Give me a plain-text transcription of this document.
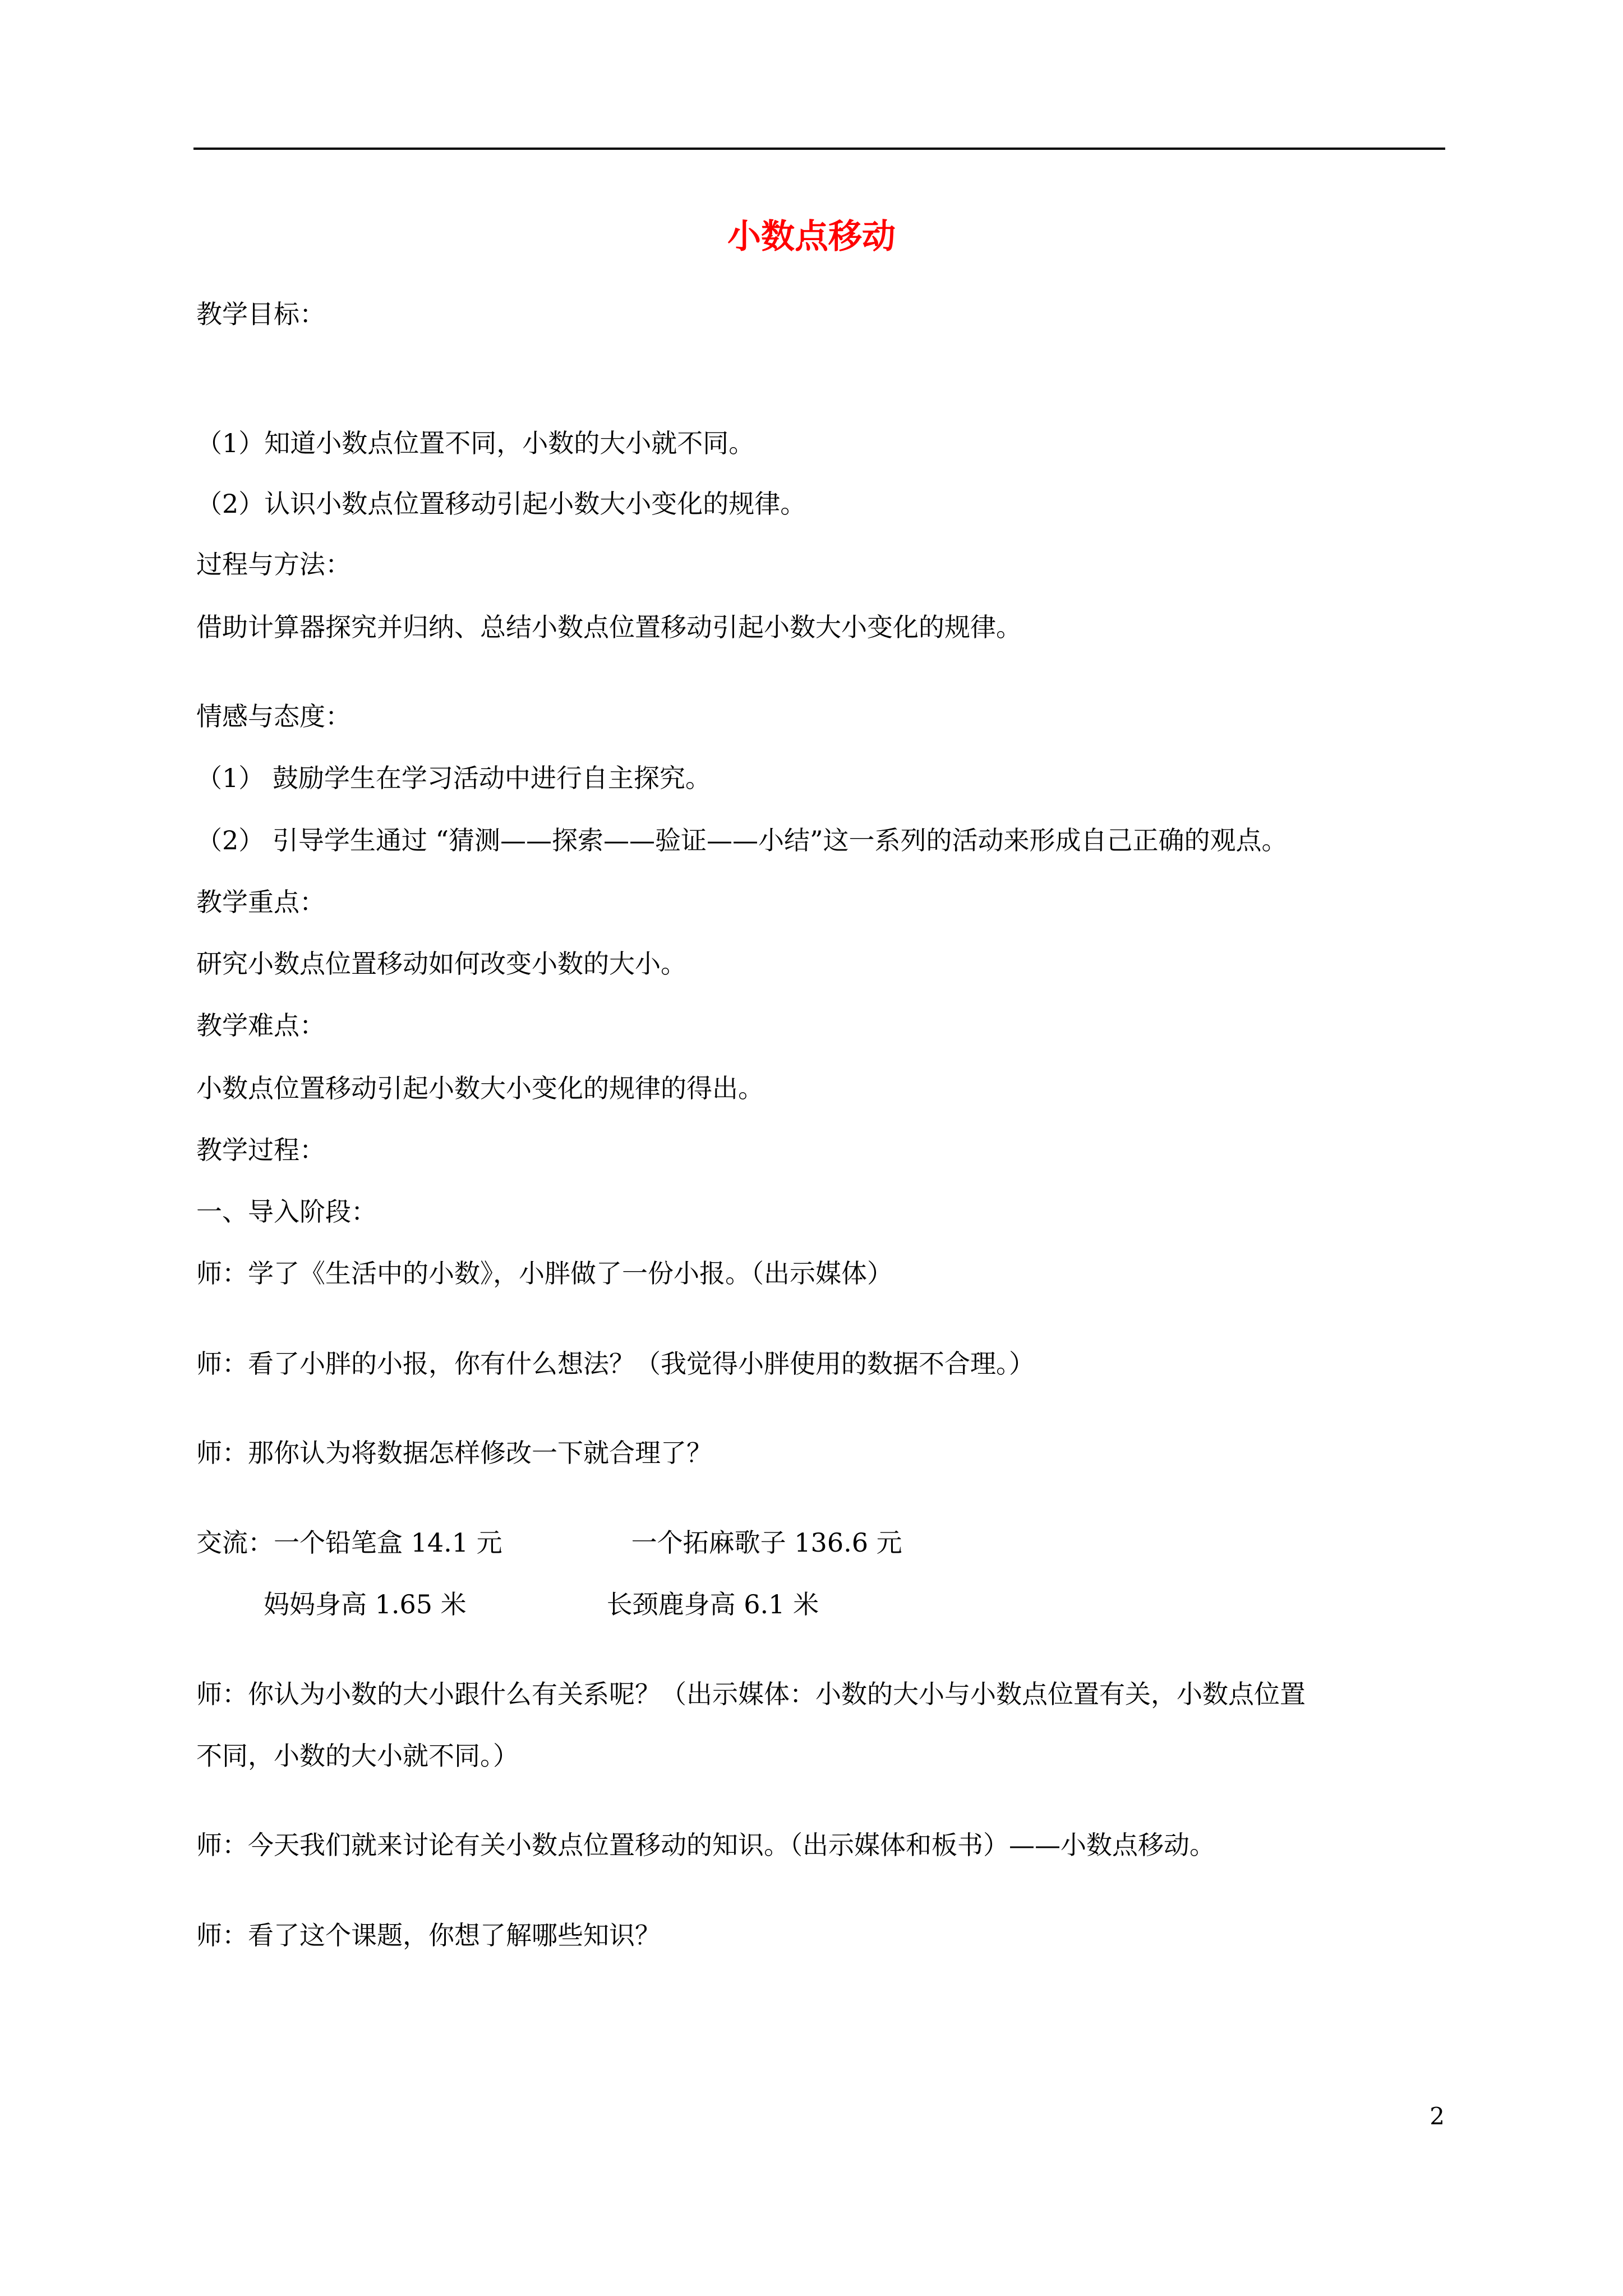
小数点移动
教学目标：
（1）知道小数点位置不同，小数的大小就不同。
（2）认识小数点位置移动引起小数大小变化的规律。
过程与方法：
借助计算器探究并归纳、总结小数点位置移动引起小数大小变化的规律。
情感与态度：
（1） 鼓励学生在学习活动中进行自主探究。
（2） 引导学生通过 “猜测——探索——验证——小结”这一系列的活动来形成自己正确的观点。
教学重点：
研究小数点位置移动如何改变小数的大小。
教学难点：
小数点位置移动引起小数大小变化的规律的得出。
教学过程：
一、导入阶段：
师：学了《生活中的小数》，小胖做了一份小报。（出示媒体）
师：看了小胖的小报，你有什么想法？（我觉得小胖使用的数据不合理。）
师：那你认为将数据怎样修改一下就合理了？
交流：一个铅笔盒 14.1 元	一个拓麻歌子 136.6 元
妈妈身高 1.65 米	长颈鹿身高 6.1 米
师：你认为小数的大小跟什么有关系呢？（出示媒体：小数的大小与小数点位置有关，小数点位置
不同，小数的大小就不同。）
师：今天我们就来讨论有关小数点位置移动的知识。（出示媒体和板书）——小数点移动。
师：看了这个课题，你想了解哪些知识？
2
